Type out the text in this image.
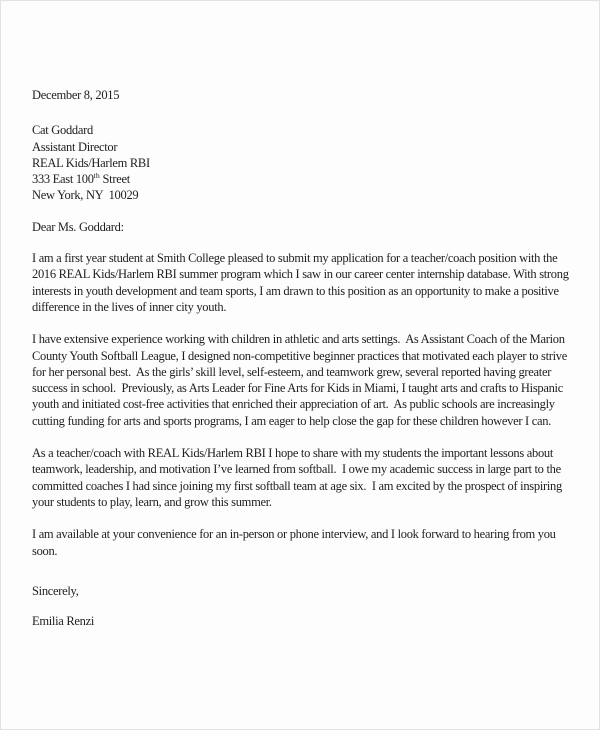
December 8, 2015

Cat Goddard

Assistant Director

REAL Kids/Harlem RBI

333 East 100th Street

New York, NY  10029

Dear Ms. Goddard:

I am a first year student at Smith College pleased to submit my application for a teacher/coach position with the 2016 REAL Kids/Harlem RBI summer program which I saw in our career center internship database. With strong interests in youth development and team sports, I am drawn to this position as an opportunity to make a positive difference in the lives of inner city youth.

I have extensive experience working with children in athletic and arts settings.  As Assistant Coach of the Marion County Youth Softball League, I designed non-competitive beginner practices that motivated each player to strive for her personal best.  As the girls’ skill level, self-esteem, and teamwork grew, several reported having greater success in school.  Previously, as Arts Leader for Fine Arts for Kids in Miami, I taught arts and crafts to Hispanic youth and initiated cost-free activities that enriched their appreciation of art.  As public schools are increasingly cutting funding for arts and sports programs, I am eager to help close the gap for these children however I can.

As a teacher/coach with REAL Kids/Harlem RBI I hope to share with my students the important lessons about teamwork, leadership, and motivation I’ve learned from softball.  I owe my academic success in large part to the committed coaches I had since joining my first softball team at age six.  I am excited by the prospect of inspiring your students to play, learn, and grow this summer.

I am available at your convenience for an in-person or phone interview, and I look forward to hearing from you soon.

Sincerely,

Emilia Renzi
